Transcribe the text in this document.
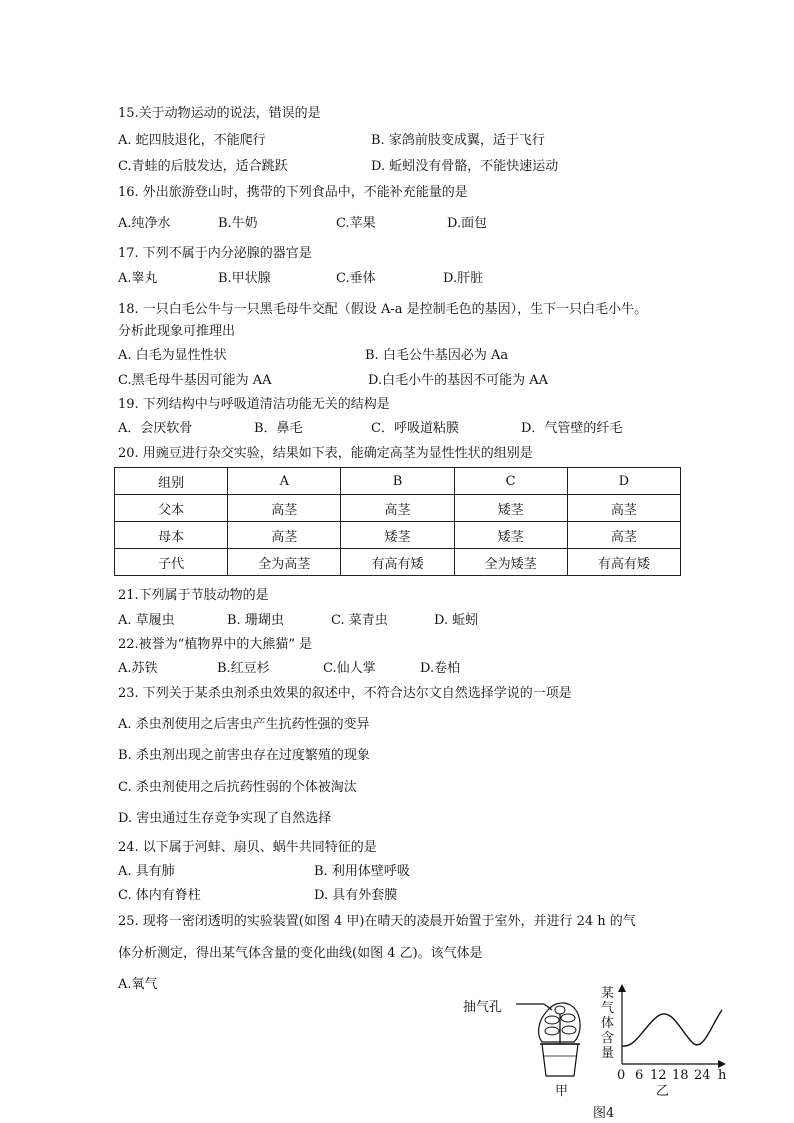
15.关于动物运动的说法，错误的是
A. 蛇四肢退化，不能爬行	B. 家鸽前肢变成翼，适于飞行
C.青蛙的后肢发达，适合跳跃	D. 蚯蚓没有骨骼，不能快速运动
16. 外出旅游登山时，携带的下列食品中，不能补充能量的是
A.纯净水	B.牛奶	C.苹果	D.面包
17. 下列不属于内分泌腺的器官是
A.睾丸	B.甲状腺	C.垂体	D.肝脏
18. 一只白毛公牛与一只黑毛母牛交配（假设 A-a 是控制毛色的基因），生下一只白毛小牛。
分析此现象可推理出
A. 白毛为显性性状	B. 白毛公牛基因必为 Aa
C.黑毛母牛基因可能为 AA	D.白毛小牛的基因不可能为 AA
19. 下列结构中与呼吸道清洁功能无关的结构是
A．会厌软骨	B．鼻毛	C．呼吸道粘膜	D．气管壁的纤毛
20. 用豌豆进行杂交实验，结果如下表，能确定高茎为显性性状的组别是
组别	A	B	C	D
父本	高茎	高茎	矮茎	高茎
母本	高茎	矮茎	矮茎	高茎
子代	全为高茎	有高有矮	全为矮茎	有高有矮
21.下列属于节肢动物的是
A. 草履虫	B. 珊瑚虫	C. 菜青虫	D. 蚯蚓
22.被誉为“植物界中的大熊猫” 是
A.苏铁	B.红豆杉	C.仙人掌	D.卷柏
23. 下列关于某杀虫剂杀虫效果的叙述中，不符合达尔文自然选择学说的一项是
A. 杀虫剂使用之后害虫产生抗药性强的变异
B. 杀虫剂出现之前害虫存在过度繁殖的现象
C. 杀虫剂使用之后抗药性弱的个体被淘汰
D. 害虫通过生存竞争实现了自然选择
24. 以下属于河蚌、扇贝、蜗牛共同特征的是
A. 具有肺	B. 利用体壁呼吸
C. 体内有脊柱	D. 具有外套膜
25. 现将一密闭透明的实验装置(如图 4 甲)在晴天的凌晨开始置于室外，并进行 24 h 的气
体分析测定，得出某气体含量的变化曲线(如图 4 乙)。该气体是
A.氧气
抽气孔
某
气
体
含
量
0 6 12 18 24 h
甲	乙
图4
